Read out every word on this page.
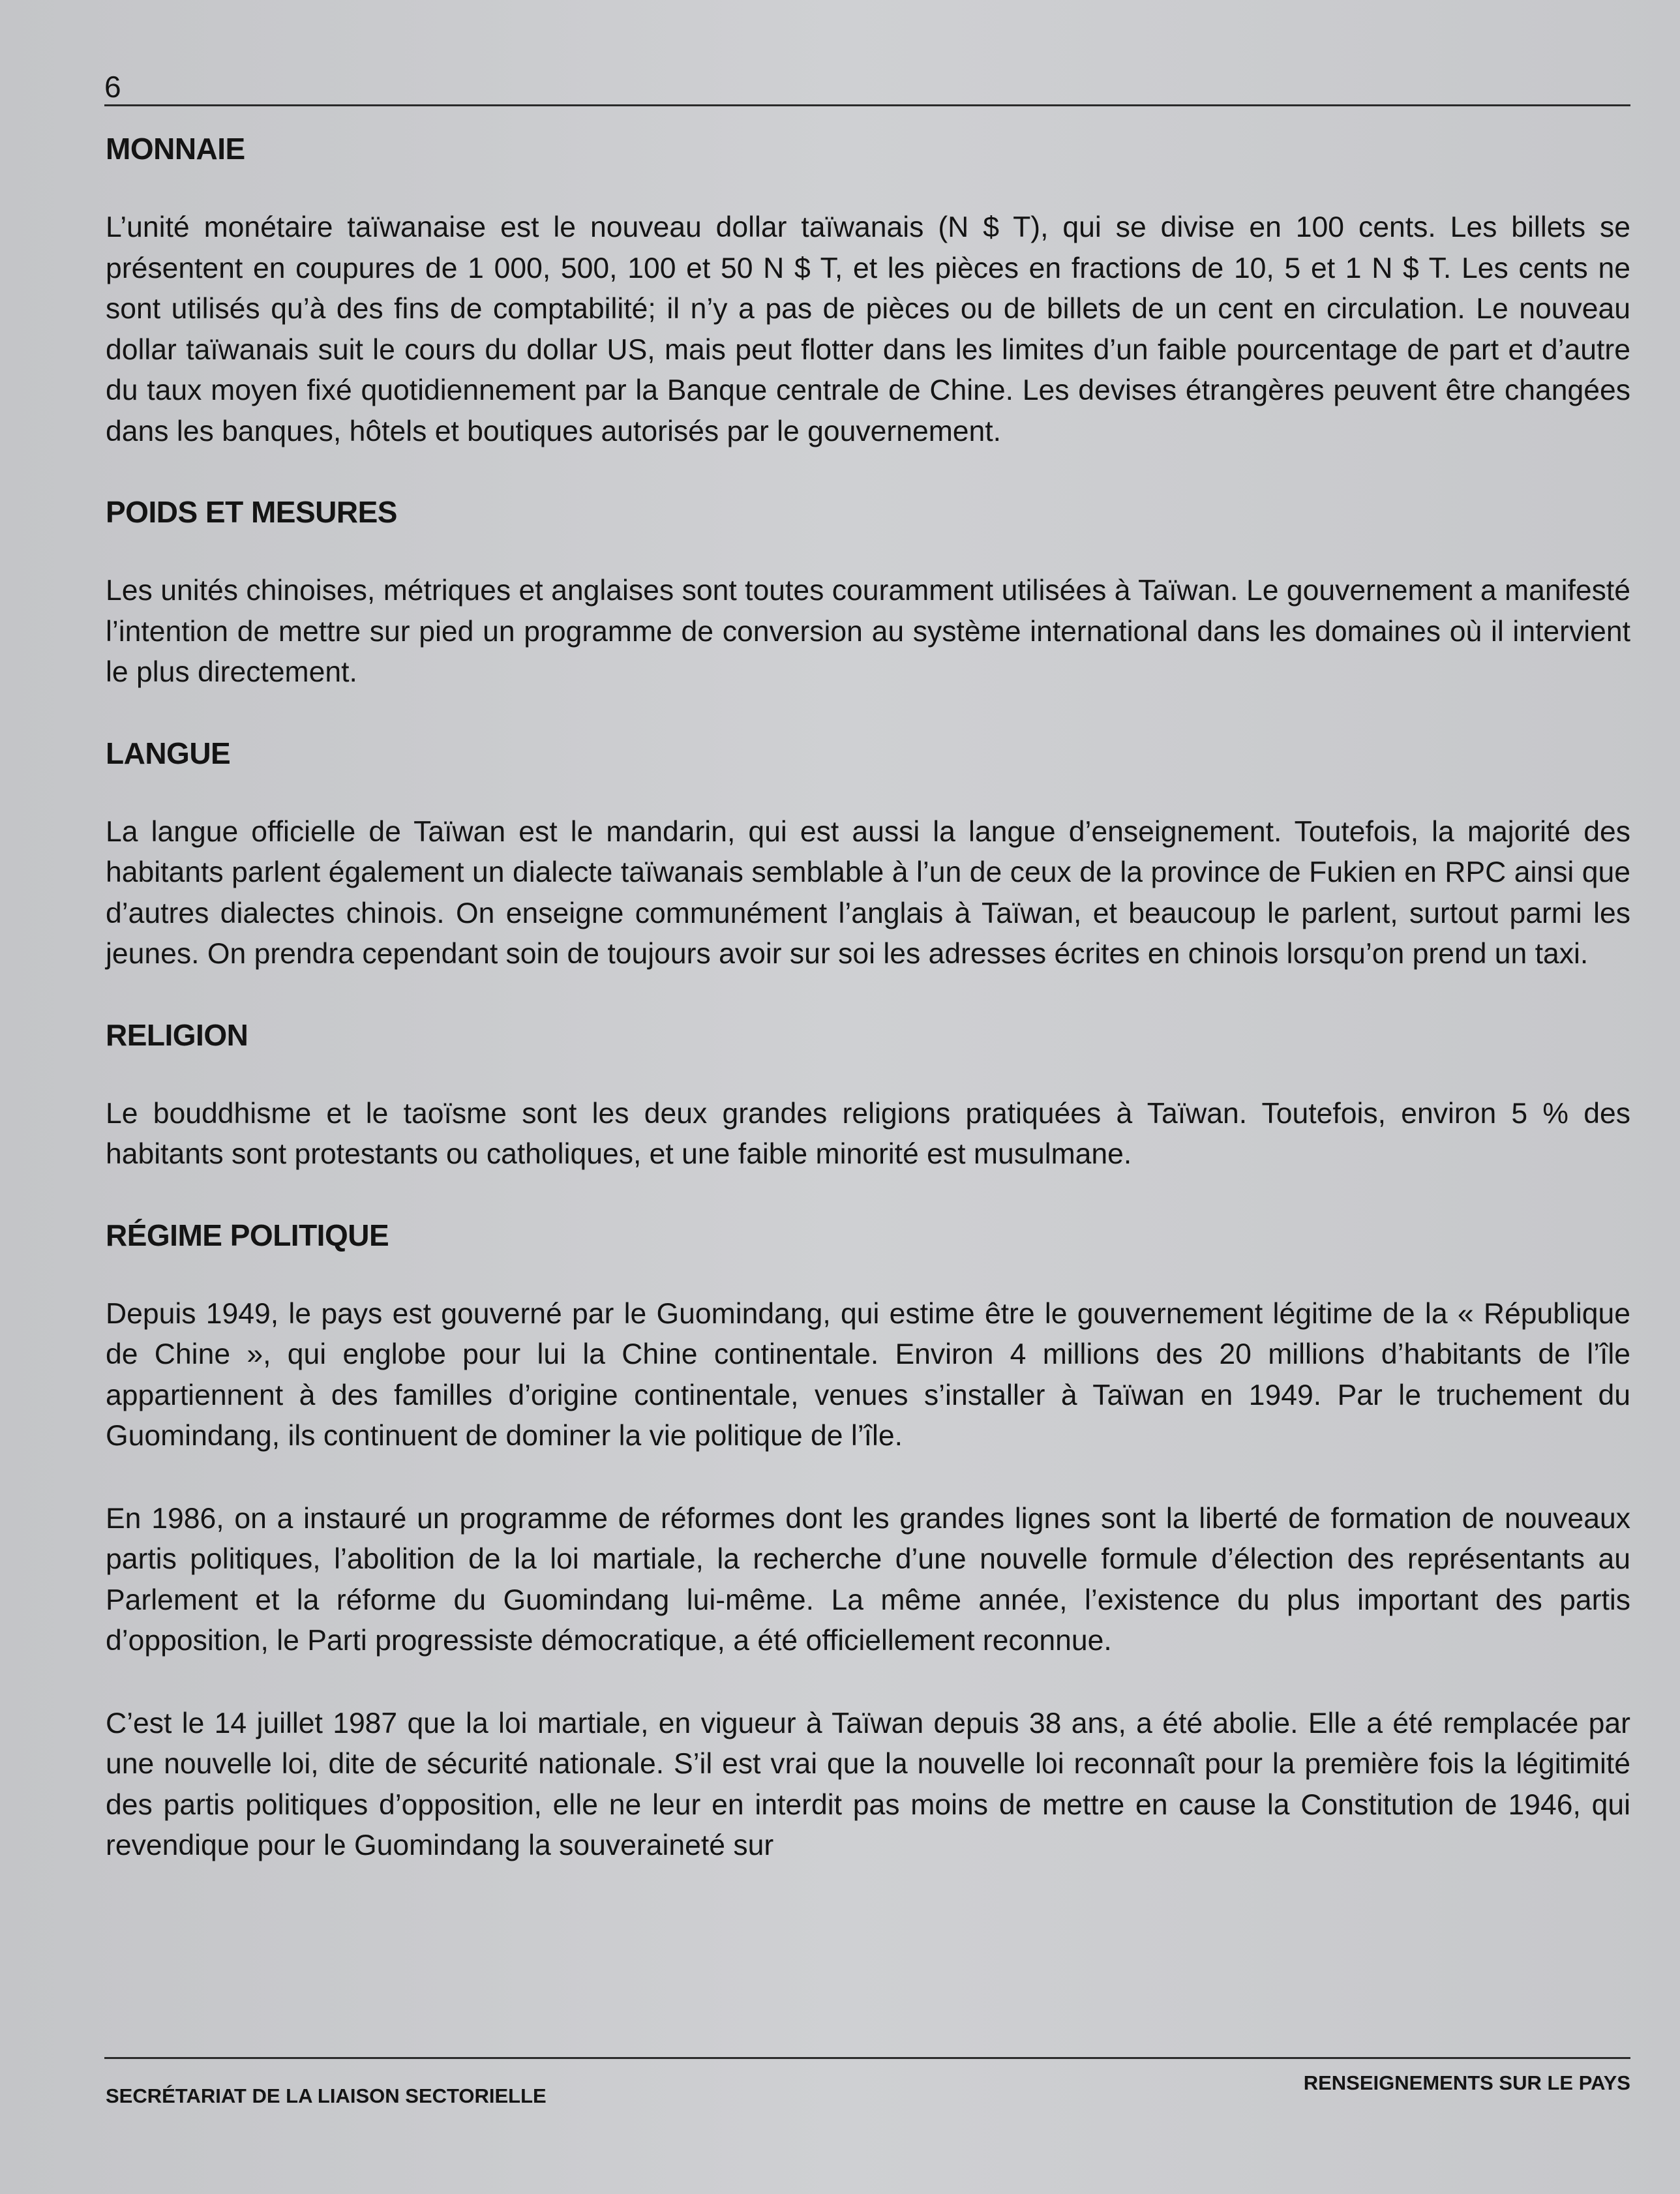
6
MONNAIE

L’unité monétaire taïwanaise est le nouveau dollar taïwanais (N $ T), qui se divise en 100 cents. Les billets se présentent en coupures de 1 000, 500, 100 et 50 N $ T, et les pièces en fractions de 10, 5 et 1 N $ T. Les cents ne sont utilisés qu’à des fins de comptabilité; il n’y a pas de pièces ou de billets de un cent en circulation. Le nouveau dollar taïwanais suit le cours du dollar US, mais peut flotter dans les limites d’un faible pourcentage de part et d’autre du taux moyen fixé quotidiennement par la Banque centrale de Chine. Les devises étrangères peuvent être changées dans les banques, hôtels et boutiques autorisés par le gouvernement.

POIDS ET MESURES

Les unités chinoises, métriques et anglaises sont toutes couramment utilisées à Taïwan. Le gouvernement a manifesté l’intention de mettre sur pied un programme de conversion au système international dans les domaines où il intervient le plus directement.

LANGUE

La langue officielle de Taïwan est le mandarin, qui est aussi la langue d’enseignement. Toutefois, la majorité des habitants parlent également un dialecte taïwanais semblable à l’un de ceux de la province de Fukien en RPC ainsi que d’autres dialectes chinois. On enseigne communément l’anglais à Taïwan, et beaucoup le parlent, surtout parmi les jeunes. On prendra cependant soin de toujours avoir sur soi les adresses écrites en chinois lorsqu’on prend un taxi.

RELIGION

Le bouddhisme et le taoïsme sont les deux grandes religions pratiquées à Taïwan. Toutefois, environ 5 % des habitants sont protestants ou catholiques, et une faible minorité est musulmane.

RÉGIME POLITIQUE

Depuis 1949, le pays est gouverné par le Guomindang, qui estime être le gouvernement légitime de la « République de Chine », qui englobe pour lui la Chine continentale. Environ 4 millions des 20 millions d’habitants de l’île appartiennent à des familles d’origine continentale, venues s’installer à Taïwan en 1949. Par le truchement du Guomindang, ils continuent de dominer la vie politique de l’île.

En 1986, on a instauré un programme de réformes dont les grandes lignes sont la liberté de formation de nouveaux partis politiques, l’abolition de la loi martiale, la recherche d’une nouvelle formule d’élection des représentants au Parlement et la réforme du Guomindang lui-même. La même année, l’existence du plus important des partis d’opposition, le Parti progressiste démocratique, a été officiellement reconnue.

C’est le 14 juillet 1987 que la loi martiale, en vigueur à Taïwan depuis 38 ans, a été abolie. Elle a été remplacée par une nouvelle loi, dite de sécurité nationale. S’il est vrai que la nouvelle loi reconnaît pour la première fois la légitimité des partis politiques d’opposition, elle ne leur en interdit pas moins de mettre en cause la Constitution de 1946, qui revendique pour le Guomindang la souveraineté sur

SECRÉTARIAT DE LA LIAISON SECTORIELLE
RENSEIGNEMENTS SUR LE PAYS
